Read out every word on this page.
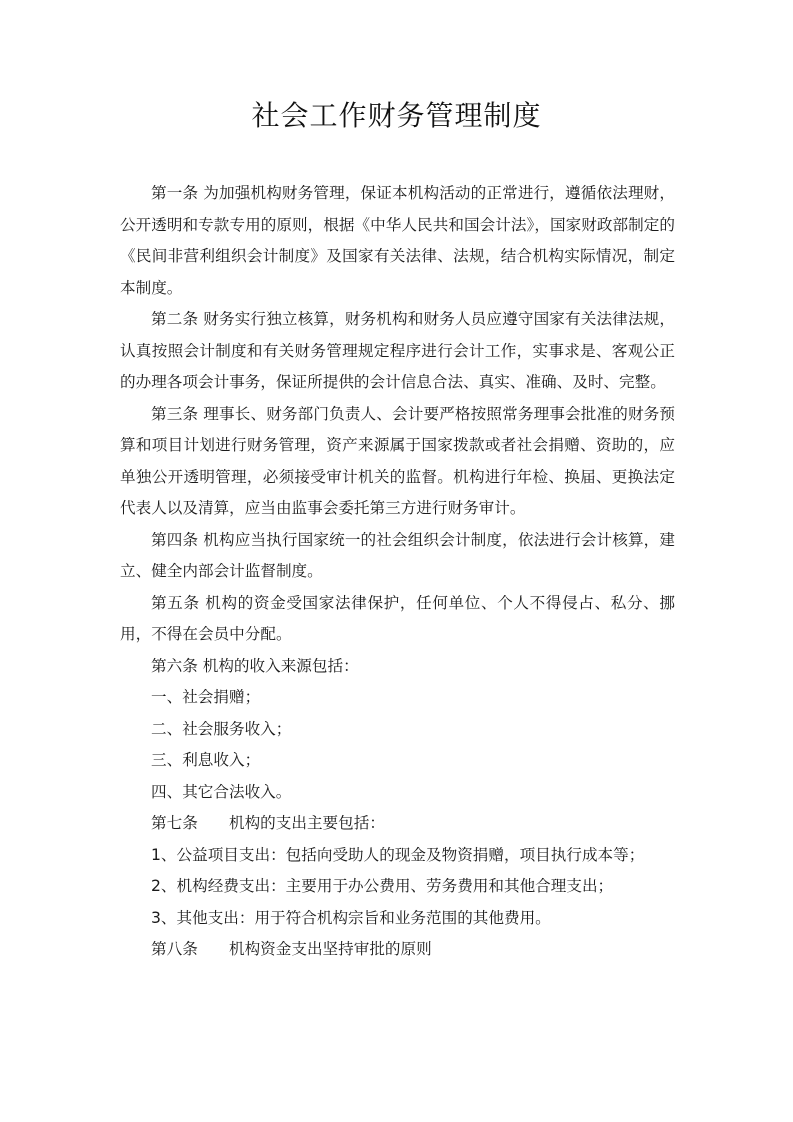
社会工作财务管理制度

第一条 为加强机构财务管理，保证本机构活动的正常进行，遵循依法理财，公开透明和专款专用的原则，根据《中华人民共和国会计法》，国家财政部制定的《民间非营利组织会计制度》及国家有关法律、法规，结合机构实际情况，制定本制度。

第二条 财务实行独立核算，财务机构和财务人员应遵守国家有关法律法规，认真按照会计制度和有关财务管理规定程序进行会计工作，实事求是、客观公正的办理各项会计事务，保证所提供的会计信息合法、真实、准确、及时、完整。

第三条 理事长、财务部门负责人、会计要严格按照常务理事会批准的财务预算和项目计划进行财务管理，资产来源属于国家拨款或者社会捐赠、资助的，应单独公开透明管理，必须接受审计机关的监督。机构进行年检、换届、更换法定代表人以及清算，应当由监事会委托第三方进行财务审计。

第四条 机构应当执行国家统一的社会组织会计制度，依法进行会计核算，建立、健全内部会计监督制度。

第五条 机构的资金受国家法律保护，任何单位、个人不得侵占、私分、挪用，不得在会员中分配。

第六条 机构的收入来源包括：

一、社会捐赠；

二、社会服务收入；

三、利息收入；

四、其它合法收入。

第七条　　机构的支出主要包括：

1、公益项目支出：包括向受助人的现金及物资捐赠，项目执行成本等；

2、机构经费支出：主要用于办公费用、劳务费用和其他合理支出；

3、其他支出：用于符合机构宗旨和业务范围的其他费用。

第八条　　机构资金支出坚持审批的原则
